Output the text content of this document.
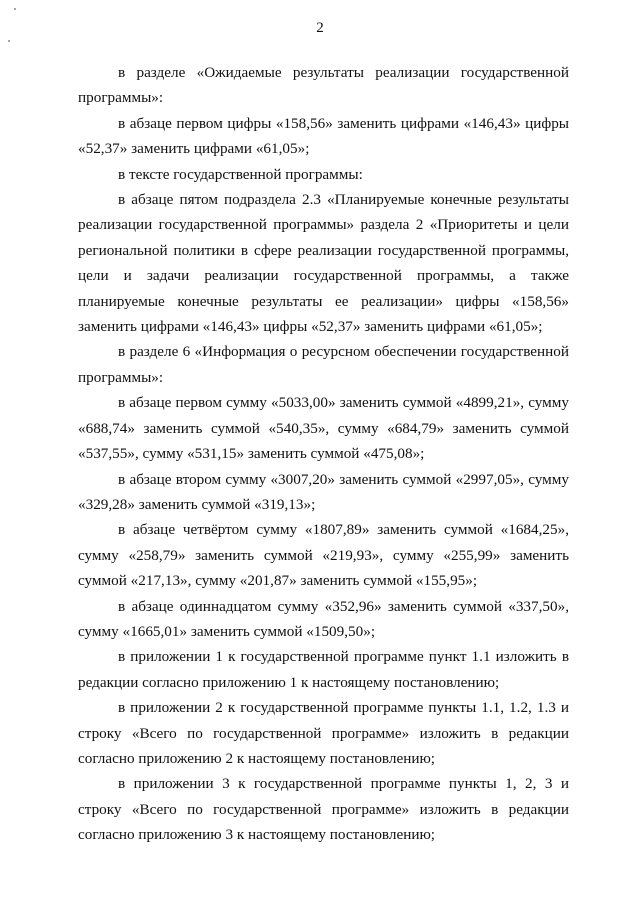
2

в разделе «Ожидаемые результаты реализации государственной программы»:

в абзаце первом цифры «158,56» заменить цифрами «146,43» цифры «52,37» заменить цифрами «61,05»;

в тексте государственной программы:

в абзаце пятом подраздела 2.3 «Планируемые конечные результаты реализации государственной программы» раздела 2 «Приоритеты и цели региональной политики в сфере реализации государственной программы, цели и задачи реализации государственной программы, а также планируемые конечные результаты ее реализации» цифры «158,56» заменить цифрами «146,43» цифры «52,37» заменить цифрами «61,05»;

в разделе 6 «Информация о ресурсном обеспечении государственной программы»:

в абзаце первом сумму «5033,00» заменить суммой «4899,21», сумму «688,74» заменить суммой «540,35», сумму «684,79» заменить суммой «537,55», сумму «531,15» заменить суммой «475,08»;

в абзаце втором сумму «3007,20» заменить суммой «2997,05», сумму «329,28» заменить суммой «319,13»;

в абзаце четвёртом сумму «1807,89» заменить суммой «1684,25», сумму «258,79» заменить суммой «219,93», сумму «255,99» заменить суммой «217,13», сумму «201,87» заменить суммой «155,95»;

в абзаце одиннадцатом сумму «352,96» заменить суммой «337,50», сумму «1665,01» заменить суммой «1509,50»;

в приложении 1 к государственной программе пункт 1.1 изложить в редакции согласно приложению 1 к настоящему постановлению;

в приложении 2 к государственной программе пункты 1.1, 1.2, 1.3 и строку «Всего по государственной программе» изложить в редакции согласно приложению 2 к настоящему постановлению;

в приложении 3 к государственной программе пункты 1, 2, 3 и строку «Всего по государственной программе» изложить в редакции согласно приложению 3 к настоящему постановлению;
